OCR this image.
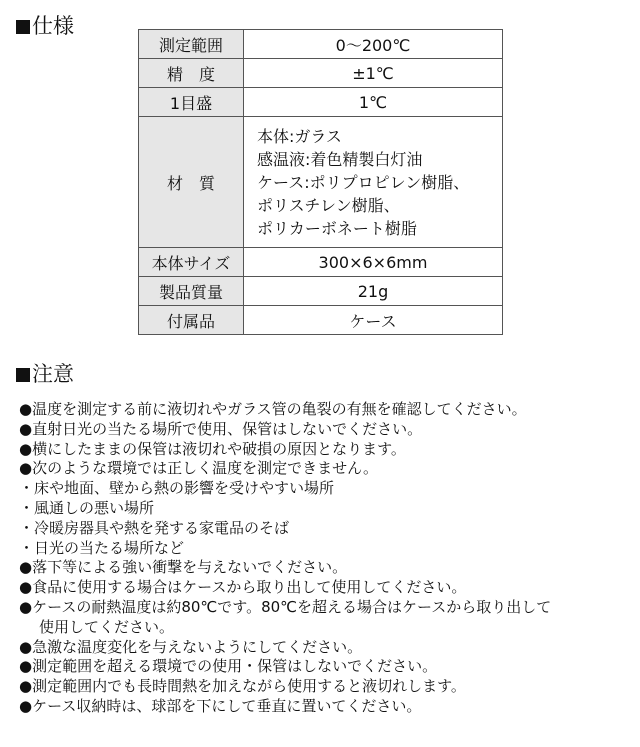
仕様
測定範囲	0〜200℃
精　度	±1℃
1目盛	1℃
材　質	本体:ガラス
感温液:着色精製白灯油
ケース:ポリプロピレン樹脂、
ポリスチレン樹脂、
ポリカーボネート樹脂

本体サイズ	300×6×6mm
製品質量	21g
付属品	ケース
注意
●温度を測定する前に液切れやガラス管の亀裂の有無を確認してください。
●直射日光の当たる場所で使用、保管はしないでください。
●横にしたままの保管は液切れや破損の原因となります。
●次のような環境では正しく温度を測定できません。
・床や地面、壁から熱の影響を受けやすい場所
・風通しの悪い場所
・冷暖房器具や熱を発する家電品のそば
・日光の当たる場所など
●落下等による強い衝撃を与えないでください。
●食品に使用する場合はケースから取り出して使用してください。
●ケースの耐熱温度は約80℃です。80℃を超える場合はケースから取り出して
使用してください。
●急激な温度変化を与えないようにしてください。
●測定範囲を超える環境での使用・保管はしないでください。
●測定範囲内でも長時間熱を加えながら使用すると液切れします。
●ケース収納時は、球部を下にして垂直に置いてください。
